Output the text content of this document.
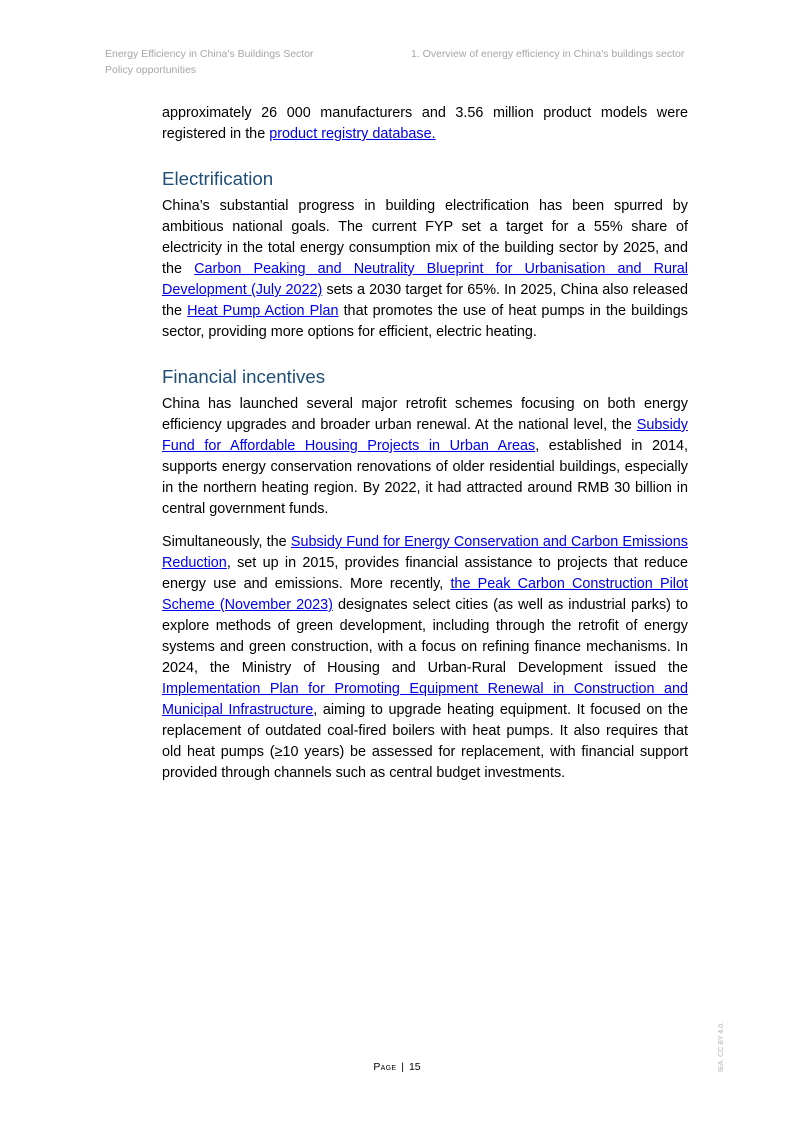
Energy Efficiency in China’s Buildings Sector
Policy opportunities
1. Overview of energy efficiency in China’s buildings sector

approximately 26 000 manufacturers and 3.56 million product models were registered in the product registry database.

Electrification

China’s substantial progress in building electrification has been spurred by ambitious national goals. The current FYP set a target for a 55% share of electricity in the total energy consumption mix of the building sector by 2025, and the Carbon Peaking and Neutrality Blueprint for Urbanisation and Rural Development (July 2022) sets a 2030 target for 65%. In 2025, China also released the Heat Pump Action Plan that promotes the use of heat pumps in the buildings sector, providing more options for efficient, electric heating.

Financial incentives

China has launched several major retrofit schemes focusing on both energy efficiency upgrades and broader urban renewal. At the national level, the Subsidy Fund for Affordable Housing Projects in Urban Areas, established in 2014, supports energy conservation renovations of older residential buildings, especially in the northern heating region. By 2022, it had attracted around RMB 30 billion in central government funds.

Simultaneously, the Subsidy Fund for Energy Conservation and Carbon Emissions Reduction, set up in 2015, provides financial assistance to projects that reduce energy use and emissions. More recently, the Peak Carbon Construction Pilot Scheme (November 2023) designates select cities (as well as industrial parks) to explore methods of green development, including through the retrofit of energy systems and green construction, with a focus on refining finance mechanisms. In 2024, the Ministry of Housing and Urban-Rural Development issued the Implementation Plan for Promoting Equipment Renewal in Construction and Municipal Infrastructure, aiming to upgrade heating equipment. It focused on the replacement of outdated coal-fired boilers with heat pumps. It also requires that old heat pumps (≥10 years) be assessed for replacement, with financial support provided through channels such as central budget investments.

Page | 15	IEA. CC BY 4.0.
